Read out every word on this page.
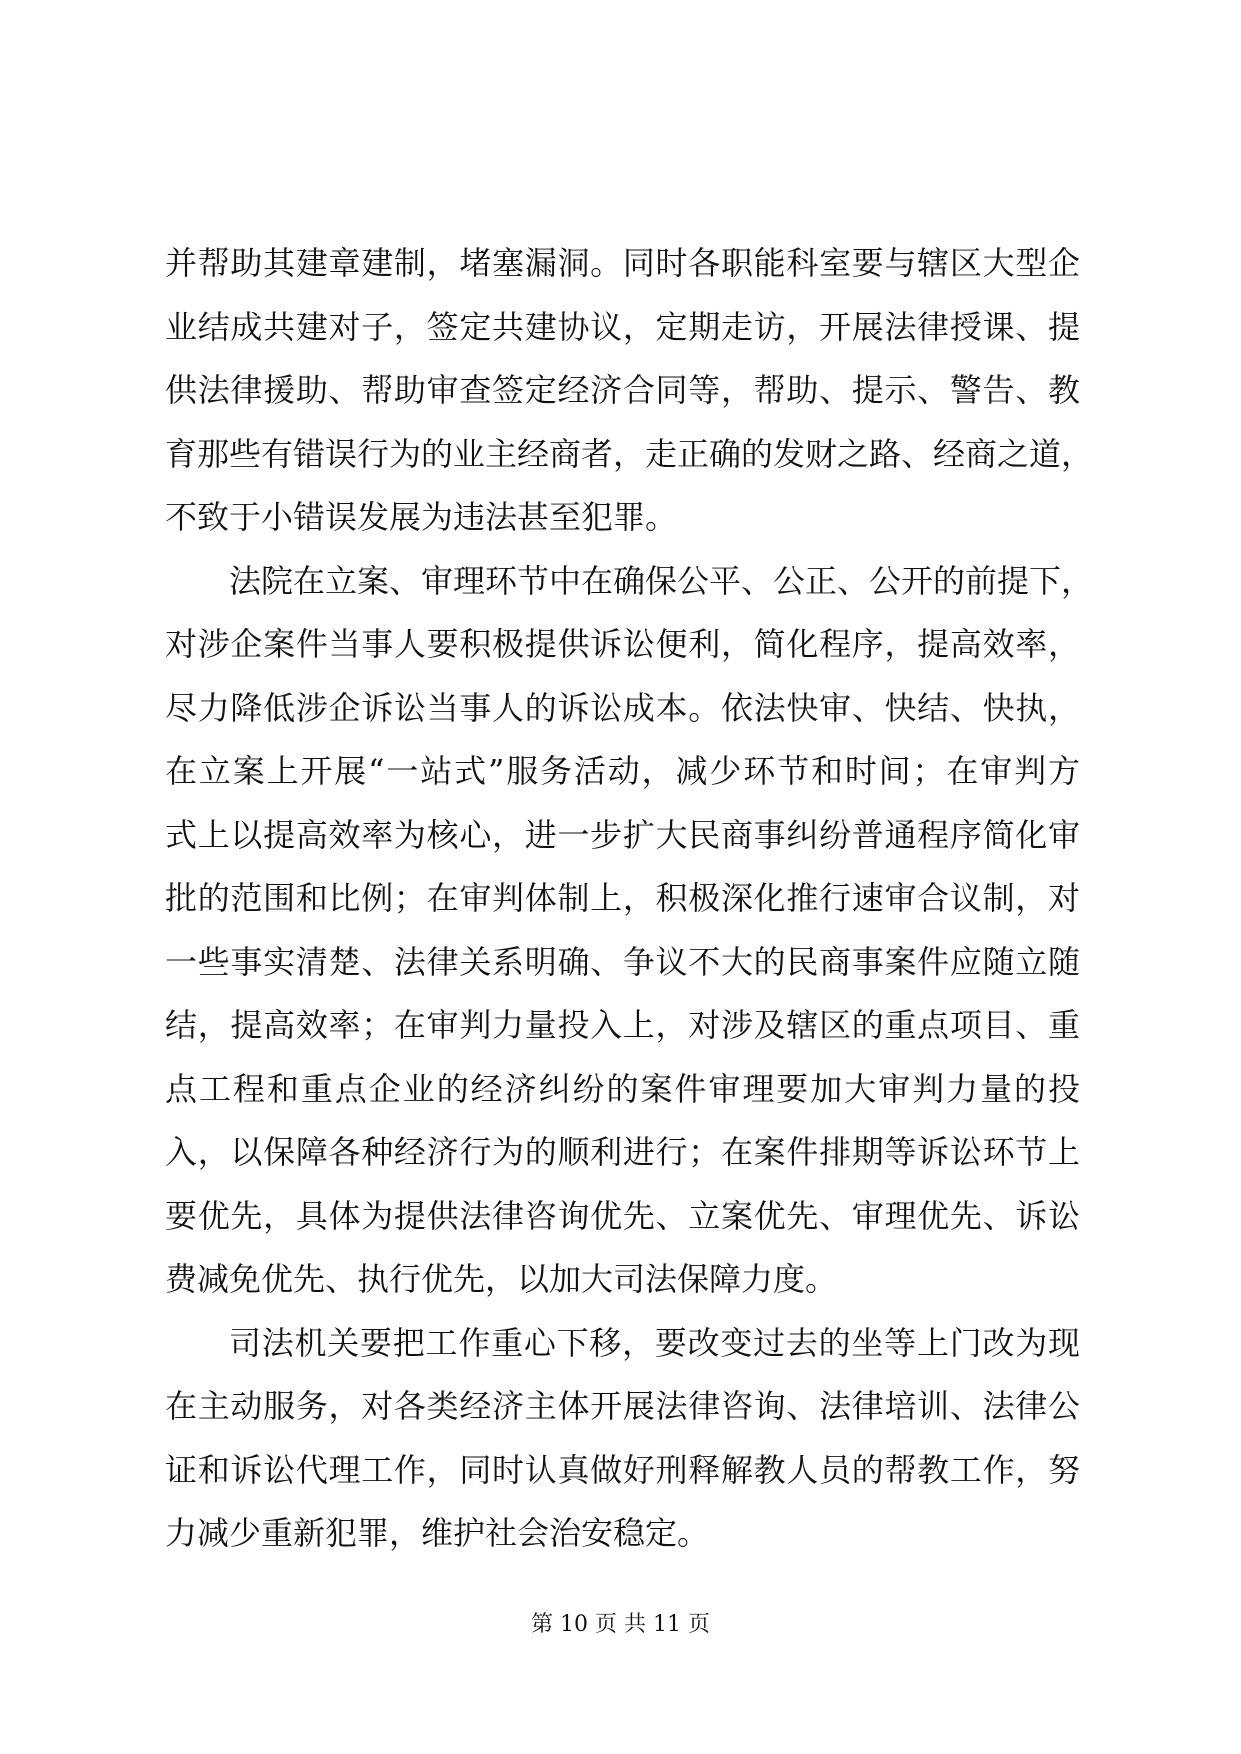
并帮助其建章建制，堵塞漏洞。同时各职能科室要与辖区大型企
业结成共建对子，签定共建协议，定期走访，开展法律授课、提
供法律援助、帮助审查签定经济合同等，帮助、提示、警告、教
育那些有错误行为的业主经商者，走正确的发财之路、经商之道，
不致于小错误发展为违法甚至犯罪。
法院在立案、审理环节中在确保公平、公正、公开的前提下，
对涉企案件当事人要积极提供诉讼便利，简化程序，提高效率，
尽力降低涉企诉讼当事人的诉讼成本。依法快审、快结、快执，
在立案上开展“一站式”服务活动，减少环节和时间；在审判方
式上以提高效率为核心，进一步扩大民商事纠纷普通程序简化审
批的范围和比例；在审判体制上，积极深化推行速审合议制，对
一些事实清楚、法律关系明确、争议不大的民商事案件应随立随
结，提高效率；在审判力量投入上，对涉及辖区的重点项目、重
点工程和重点企业的经济纠纷的案件审理要加大审判力量的投
入，以保障各种经济行为的顺利进行；在案件排期等诉讼环节上
要优先，具体为提供法律咨询优先、立案优先、审理优先、诉讼
费减免优先、执行优先，以加大司法保障力度。
司法机关要把工作重心下移，要改变过去的坐等上门改为现
在主动服务，对各类经济主体开展法律咨询、法律培训、法律公
证和诉讼代理工作，同时认真做好刑释解教人员的帮教工作，努
力减少重新犯罪，维护社会治安稳定。
第 10 页 共 11 页
